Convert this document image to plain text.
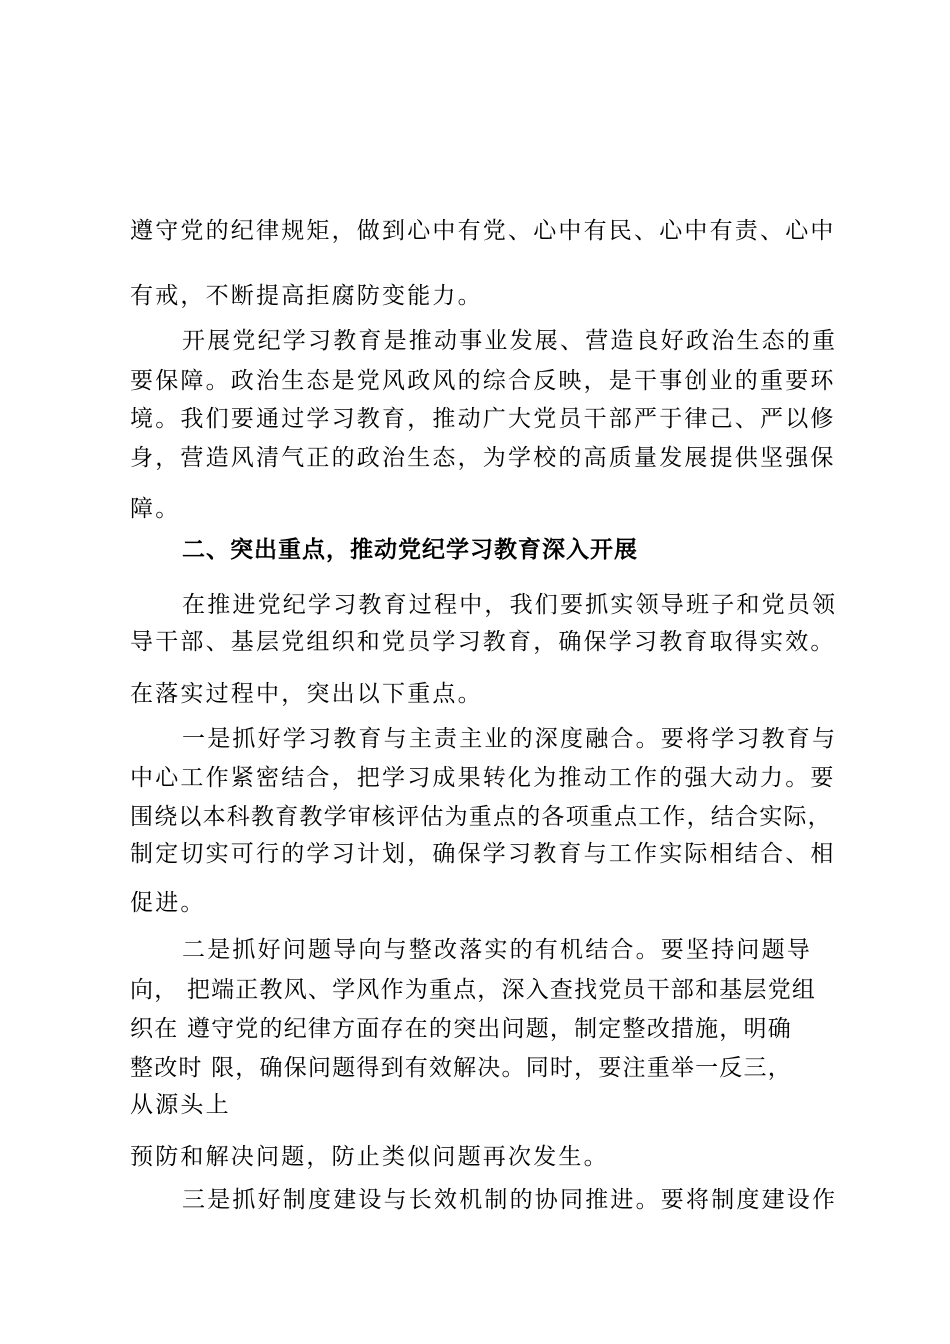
遵守党的纪律规矩，做到心中有党、心中有民、心中有责、心中
有戒，不断提高拒腐防变能力。
开展党纪学习教育是推动事业发展、营造良好政治生态的重
要保障。政治生态是党风政风的综合反映，是干事创业的重要环
境。我们要通过学习教育，推动广大党员干部严于律己、严以修
身，营造风清气正的政治生态，为学校的高质量发展提供坚强保
障。
二、突出重点，推动党纪学习教育深入开展
在推进党纪学习教育过程中，我们要抓实领导班子和党员领
导干部、基层党组织和党员学习教育，确保学习教育取得实效。
在落实过程中，突出以下重点。
一是抓好学习教育与主责主业的深度融合。要将学习教育与
中心工作紧密结合，把学习成果转化为推动工作的强大动力。要
围绕以本科教育教学审核评估为重点的各项重点工作，结合实际，
制定切实可行的学习计划，确保学习教育与工作实际相结合、相
促进。
二是抓好问题导向与整改落实的有机结合。要坚持问题导
向， 把端正教风、学风作为重点，深入查找党员干部和基层党组
织在 遵守党的纪律方面存在的突出问题，制定整改措施，明确
整改时 限，确保问题得到有效解决。同时，要注重举一反三，
从源头上
预防和解决问题，防止类似问题再次发生。
三是抓好制度建设与长效机制的协同推进。要将制度建设作
